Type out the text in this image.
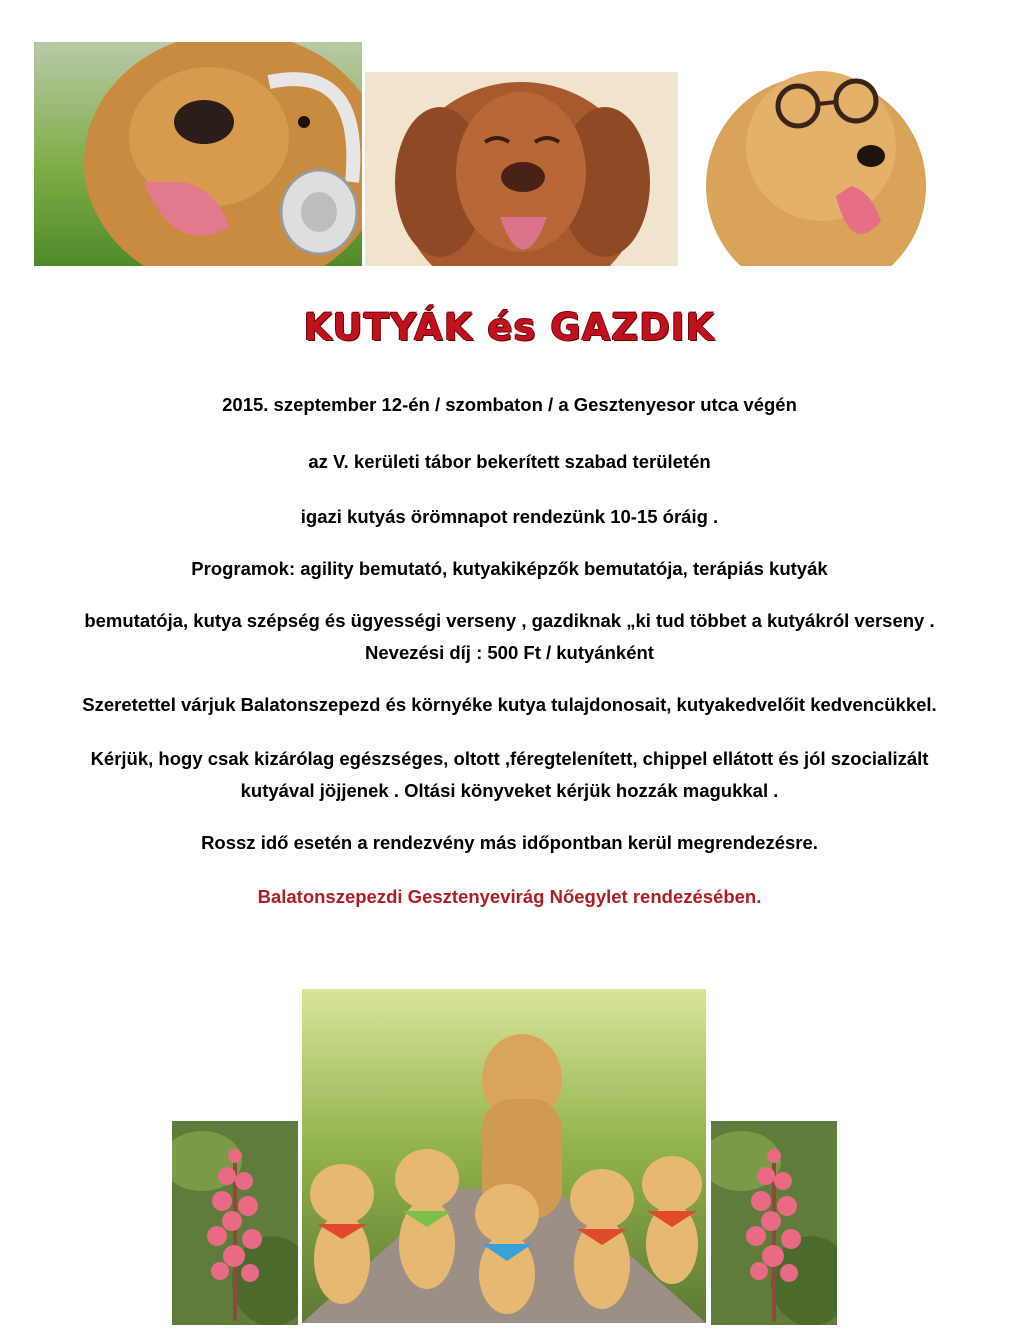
KUTYÁK és GAZDIK
2015. szeptember 12-én / szombaton / a Gesztenyesor utca végén
az V. kerületi tábor bekerített szabad területén
igazi kutyás örömnapot rendezünk 10-15 óráig .
Programok: agility bemutató, kutyakiképzők bemutatója, terápiás kutyák
bemutatója, kutya szépség és ügyességi verseny , gazdiknak „ki tud többet a kutyákról verseny .
Nevezési díj : 500 Ft / kutyánként
Szeretettel várjuk Balatonszepezd és környéke kutya tulajdonosait, kutyakedvelőit kedvencükkel.
Kérjük, hogy csak kizárólag egészséges, oltott ,féregtelenített, chippel ellátott és jól szocializált
kutyával jöjjenek . Oltási könyveket kérjük hozzák magukkal .
Rossz idő esetén a rendezvény más időpontban kerül megrendezésre.
Balatonszepezdi Gesztenyevirág Nőegylet rendezésében.
